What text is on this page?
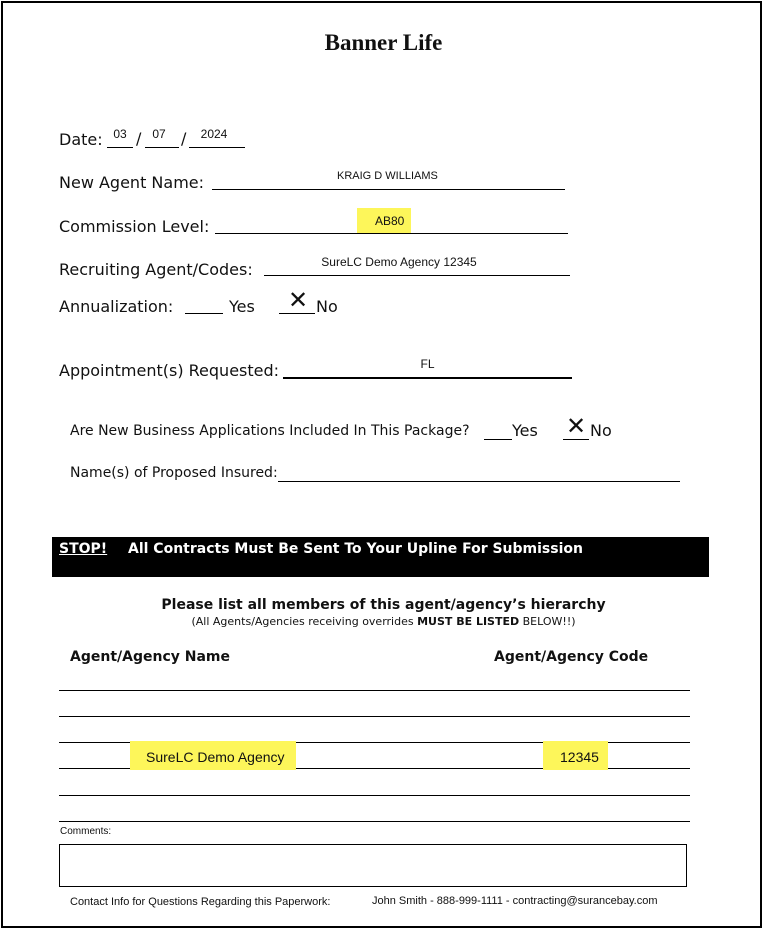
Banner Life
Date: 03 / 07 /	2024
New Agent Name:	KRAIG D WILLIAMS
Commission Level:	AB80
Recruiting Agent/Codes:	SureLC Demo Agency 12345
Annualization:	Yes ✕ No
Appointment(s) Requested:	FL
Are New Business Applications Included In This Package?	Yes ✕ No
Name(s) of Proposed Insured:
STOP! All Contracts Must Be Sent To Your Upline For Submission
Please list all members of this agent/agency’s hierarchy
(All Agents/Agencies receiving overrides MUST BE LISTED BELOW!!)
Agent/Agency Name	Agent/Agency Code
SureLC Demo Agency	12345
Comments:
Contact Info for Questions Regarding this Paperwork:	John Smith - 888-999-1111 - contracting@surancebay.com
